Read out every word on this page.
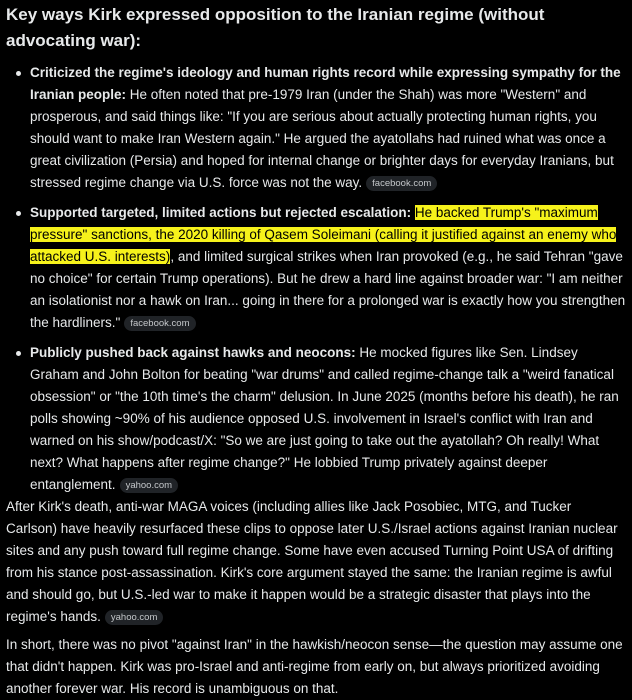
Key ways Kirk expressed opposition to the Iranian regime (without advocating war):
Criticized the regime's ideology and human rights record while expressing sympathy for the Iranian people: He often noted that pre-1979 Iran (under the Shah) was more "Western" and prosperous, and said things like: "If you are serious about actually protecting human rights, you should want to make Iran Western again." He argued the ayatollahs had ruined what was once a great civilization (Persia) and hoped for internal change or brighter days for everyday Iranians, but stressed regime change via U.S. force was not the way. facebook.com
Supported targeted, limited actions but rejected escalation: He backed Trump's "maximum pressure" sanctions, the 2020 killing of Qasem Soleimani (calling it justified against an enemy who attacked U.S. interests), and limited surgical strikes when Iran provoked (e.g., he said Tehran "gave no choice" for certain Trump operations). But he drew a hard line against broader war: "I am neither an isolationist nor a hawk on Iran... going in there for a prolonged war is exactly how you strengthen the hardliners." facebook.com
Publicly pushed back against hawks and neocons: He mocked figures like Sen. Lindsey Graham and John Bolton for beating "war drums" and called regime-change talk a "weird fanatical obsession" or "the 10th time's the charm" delusion. In June 2025 (months before his death), he ran polls showing ~90% of his audience opposed U.S. involvement in Israel's conflict with Iran and warned on his show/podcast/X: "So we are just going to take out the ayatollah? Oh really! What next? What happens after regime change?" He lobbied Trump privately against deeper entanglement. yahoo.com

After Kirk's death, anti-war MAGA voices (including allies like Jack Posobiec, MTG, and Tucker Carlson) have heavily resurfaced these clips to oppose later U.S./Israel actions against Iranian nuclear sites and any push toward full regime change. Some have even accused Turning Point USA of drifting from his stance post-assassination. Kirk's core argument stayed the same: the Iranian regime is awful and should go, but U.S.-led war to make it happen would be a strategic disaster that plays into the regime's hands. yahoo.com

In short, there was no pivot "against Iran" in the hawkish/neocon sense—the question may assume one that didn't happen. Kirk was pro-Israel and anti-regime from early on, but always prioritized avoiding another forever war. His record is unambiguous on that.
